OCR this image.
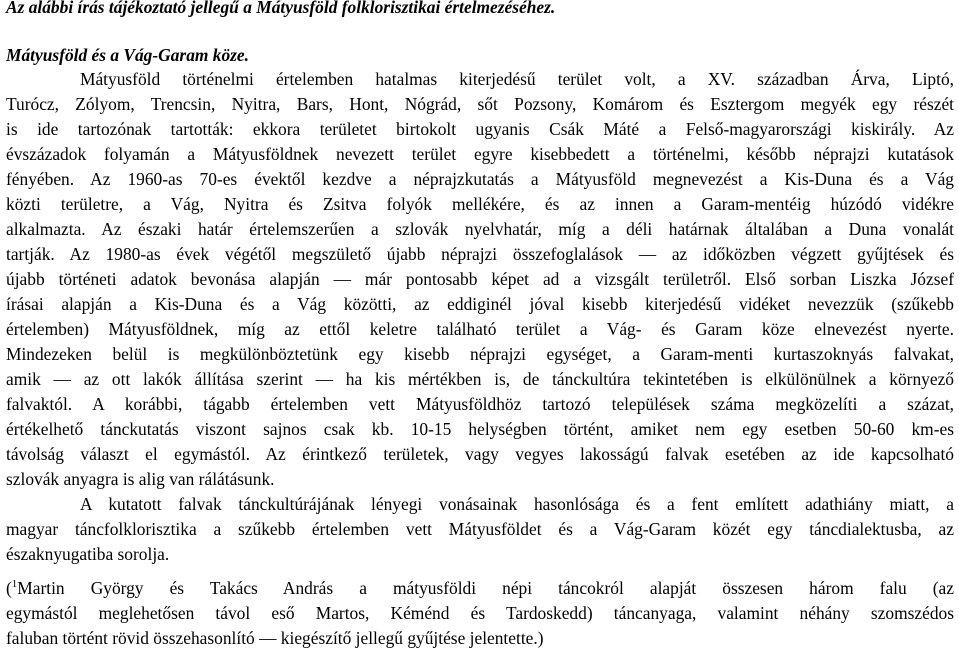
Az alábbi írás tájékoztató jellegű a Mátyusföld folklorisztikai értelmezéséhez.
Mátyusföld és a Vág-Garam köze.
Mátyusföld történelmi értelemben hatalmas kiterjedésű terület volt, a XV. században Árva, Liptó,
Turócz, Zólyom, Trencsin, Nyitra, Bars, Hont, Nógrád, sőt Pozsony, Komárom és Esztergom megyék egy részét
is ide tartozónak tartották: ekkora területet birtokolt ugyanis Csák Máté a Felső-magyarországi kiskirály. Az
évszázadok folyamán a Mátyusföldnek nevezett terület egyre kisebbedett a történelmi, később néprajzi kutatások
fényében. Az 1960-as 70-es évektől kezdve a néprajzkutatás a Mátyusföld megnevezést a Kis-Duna és a Vág
közti területre, a Vág, Nyitra és Zsitva folyók mellékére, és az innen a Garam-mentéig húzódó vidékre
alkalmazta. Az északi határ értelemszerűen a szlovák nyelvhatár, míg a déli határnak általában a Duna vonalát
tartják. Az 1980-as évek végétől megszülető újabb néprajzi összefoglalások — az időközben végzett gyűjtések és
újabb történeti adatok bevonása alapján — már pontosabb képet ad a vizsgált területről. Első sorban Liszka József
írásai alapján a Kis-Duna és a Vág közötti, az eddiginél jóval kisebb kiterjedésű vidéket nevezzük (szűkebb
értelemben) Mátyusföldnek, míg az ettől keletre található terület a Vág- és Garam köze elnevezést nyerte.
Mindezeken belül is megkülönböztetünk egy kisebb néprajzi egységet, a Garam-menti kurtaszoknyás falvakat,
amik — az ott lakók állítása szerint — ha kis mértékben is, de tánckultúra tekintetében is elkülönülnek a környező
falvaktól. A korábbi, tágabb értelemben vett Mátyusföldhöz tartozó települések száma megközelíti a százat,
értékelhető tánckutatás viszont sajnos csak kb. 10-15 helységben történt, amiket nem egy esetben 50-60 km-es
távolság választ el egymástól. Az érintkező területek, vagy vegyes lakosságú falvak esetében az ide kapcsolható
szlovák anyagra is alig van rálátásunk.
A kutatott falvak tánckultúrájának lényegi vonásainak hasonlósága és a fent említett adathiány miatt, a
magyar táncfolklorisztika a szűkebb értelemben vett Mátyusföldet és a Vág-Garam közét egy táncdialektusba, az
északnyugatiba sorolja.
($^1$Martin György és Takács András a mátyusföldi népi táncokról alapját összesen három falu (az
egymástól meglehetősen távol eső Martos, Kéménd és Tardoskedd) táncanyaga, valamint néhány szomszédos
faluban történt rövid összehasonlító — kiegészítő jellegű gyűjtése jelentette.)
